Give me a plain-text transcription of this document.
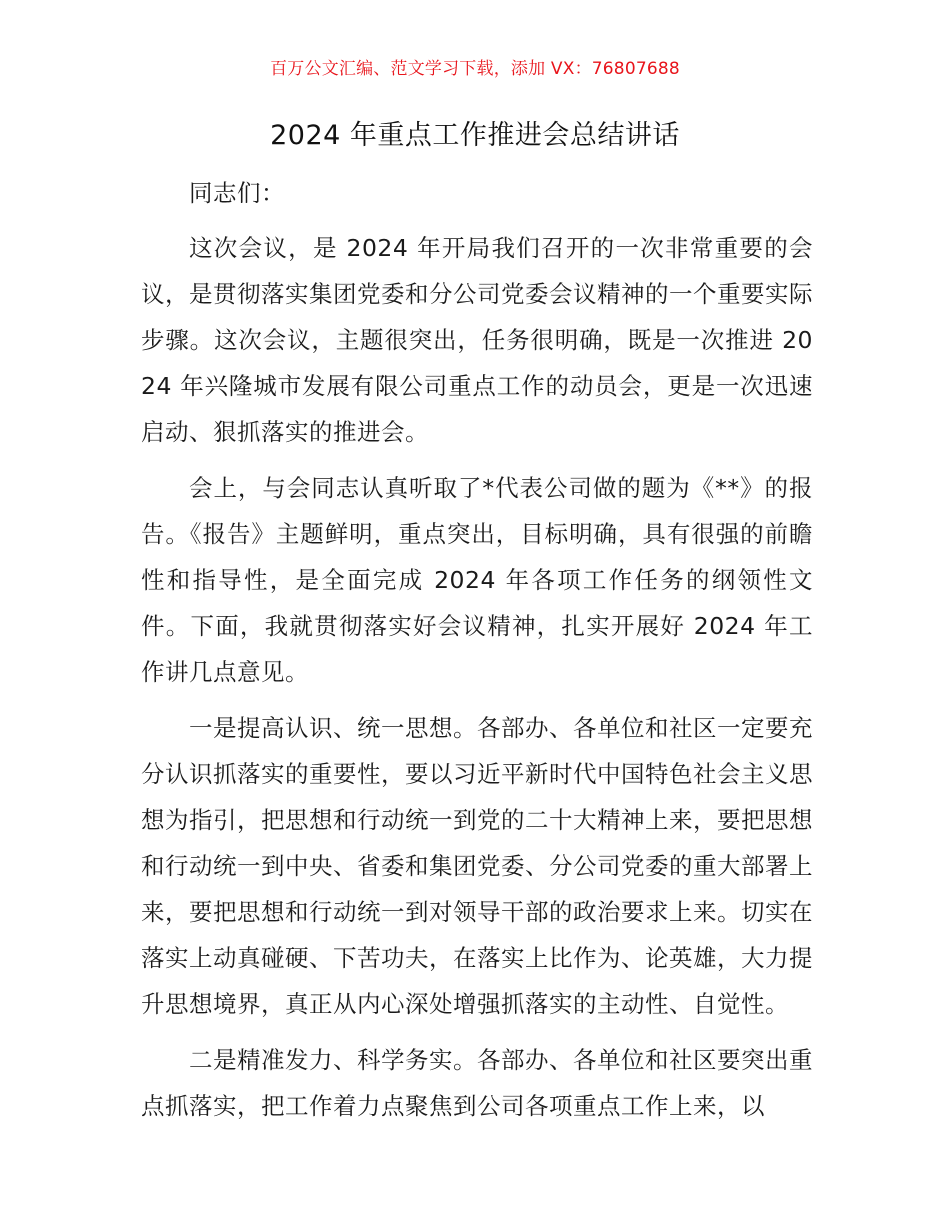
百万公文汇编、范文学习下载，添加 VX：76807688
2024 年重点工作推进会总结讲话

同志们：

这次会议，是 2024 年开局我们召开的一次非常重要的会议，是贯彻落实集团党委和分公司党委会议精神的一个重要实际步骤。这次会议，主题很突出，任务很明确，既是一次推进 2024 年兴隆城市发展有限公司重点工作的动员会，更是一次迅速启动、狠抓落实的推进会。

会上，与会同志认真听取了*代表公司做的题为《**》的报告。《报告》主题鲜明，重点突出，目标明确，具有很强的前瞻性和指导性，是全面完成 2024 年各项工作任务的纲领性文件。下面，我就贯彻落实好会议精神，扎实开展好 2024 年工作讲几点意见。

一是提高认识、统一思想。各部办、各单位和社区一定要充分认识抓落实的重要性，要以习近平新时代中国特色社会主义思想为指引，把思想和行动统一到党的二十大精神上来，要把思想和行动统一到中央、省委和集团党委、分公司党委的重大部署上来，要把思想和行动统一到对领导干部的政治要求上来。切实在落实上动真碰硬、下苦功夫，在落实上比作为、论英雄，大力提升思想境界，真正从内心深处增强抓落实的主动性、自觉性。

二是精准发力、科学务实。各部办、各单位和社区要突出重点抓落实，把工作着力点聚焦到公司各项重点工作上来，以
